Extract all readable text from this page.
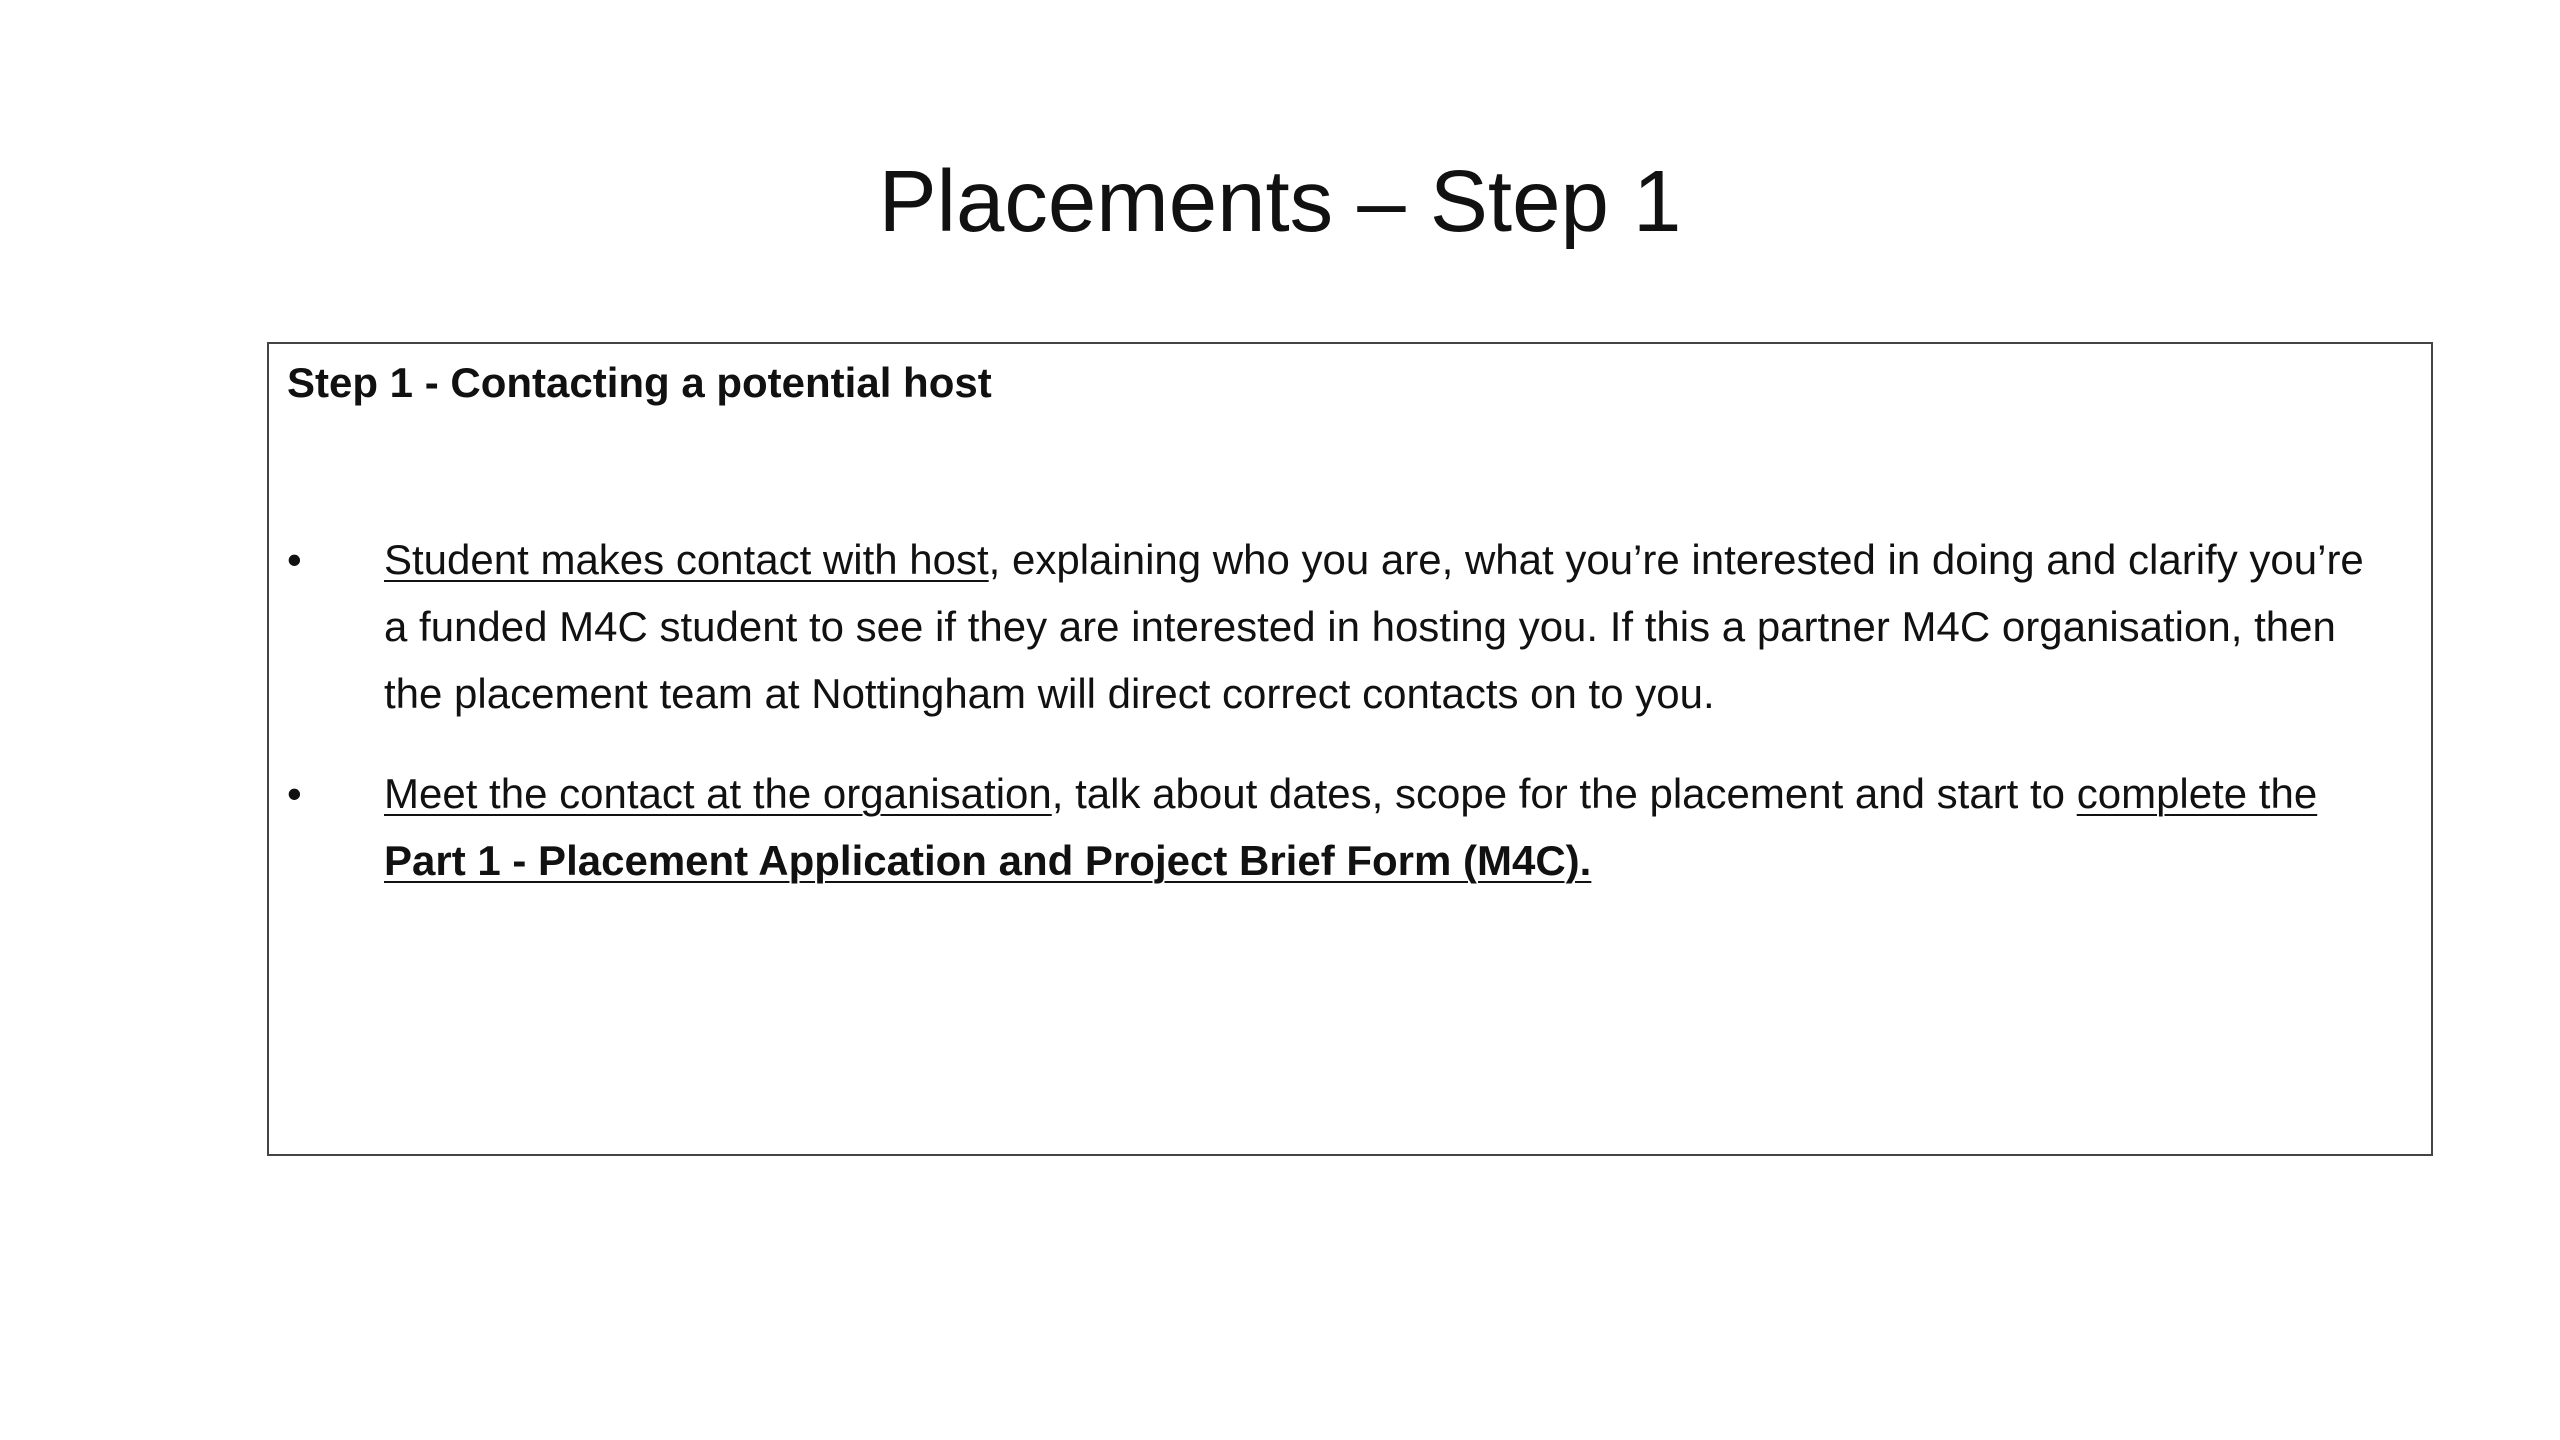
Placements – Step 1
Step 1 - Contacting a potential host
•	Student makes contact with host, explaining who you are, what you’re interested in doing and clarify you’re a funded M4C student to see if they are interested in hosting you. If this a partner M4C organisation, then the placement team at Nottingham will direct correct contacts on to you.
•	Meet the contact at the organisation, talk about dates, scope for the placement and start to complete the Part 1 - Placement Application and Project Brief Form (M4C).
